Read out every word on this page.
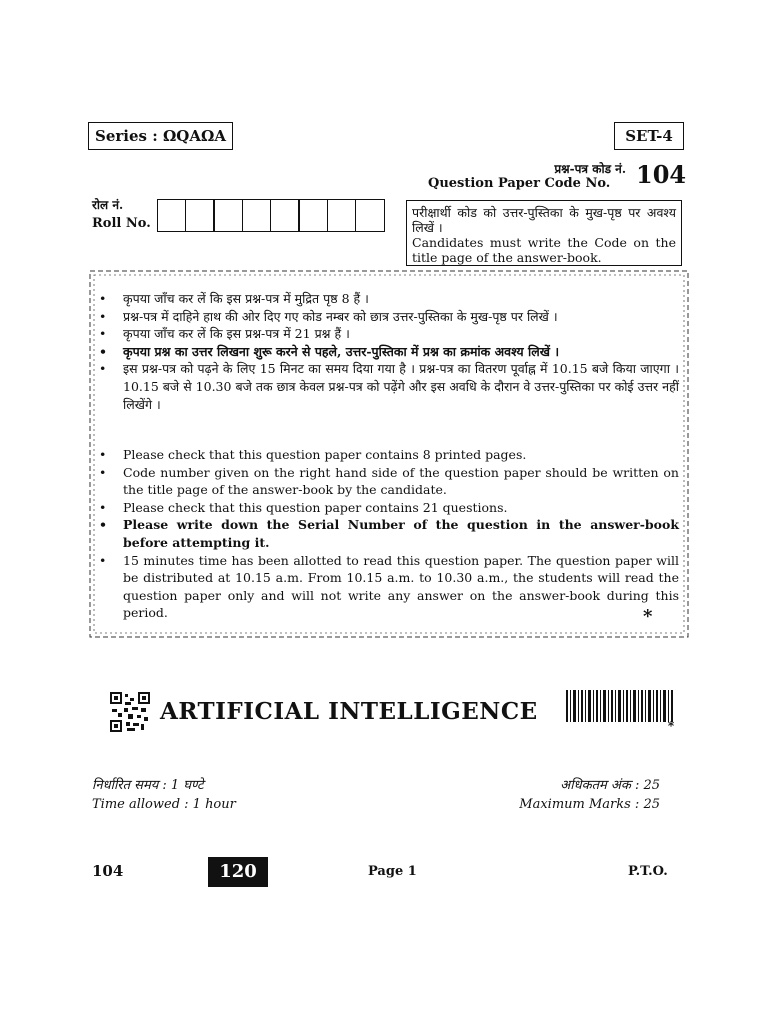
Series : ΩQAΩA	SET-4
प्रश्न-पत्र कोड नं.
Question Paper Code No. 104
रोल नं.
Roll No.

परीक्षार्थी कोड को उत्तर-पुस्तिका के मुख-पृष्ठ पर अवश्य लिखें ।

Candidates must write the Code on the title page of the answer-book.

• कृपया जाँच कर लें कि इस प्रश्न-पत्र में मुद्रित पृष्ठ 8 हैं ।
• प्रश्न-पत्र में दाहिने हाथ की ओर दिए गए कोड नम्बर को छात्र उत्तर-पुस्तिका के मुख-पृष्ठ पर लिखें ।
• कृपया जाँच कर लें कि इस प्रश्न-पत्र में 21 प्रश्न हैं ।
• कृपया प्रश्न का उत्तर लिखना शुरू करने से पहले, उत्तर-पुस्तिका में प्रश्न का क्रमांक अवश्य लिखें ।
• इस प्रश्न-पत्र को पढ़ने के लिए 15 मिनट का समय दिया गया है । प्रश्न-पत्र का वितरण पूर्वाह्न में 10.15 बजे किया जाएगा । 10.15 बजे से 10.30 बजे तक छात्र केवल प्रश्न-पत्र को पढ़ेंगे और इस अवधि के दौरान वे उत्तर-पुस्तिका पर कोई उत्तर नहीं लिखेंगे ।
• Please check that this question paper contains 8 printed pages.
• Code number given on the right hand side of the question paper should be written on the title page of the answer-book by the candidate.
• Please check that this question paper contains 21 questions.
• Please write down the Serial Number of the question in the answer-book before attempting it.
• 15 minutes time has been allotted to read this question paper. The question paper will be distributed at 10.15 a.m. From 10.15 a.m. to 10.30 a.m., the students will read the question paper only and will not write any answer on the answer-book during this period.	*
ARTIFICIAL INTELLIGENCE
*
निर्धारित समय : 1 घण्टे
Time allowed : 1 hour
अधिकतम अंक : 25
Maximum Marks : 25
104	120	Page 1	P.T.O.
